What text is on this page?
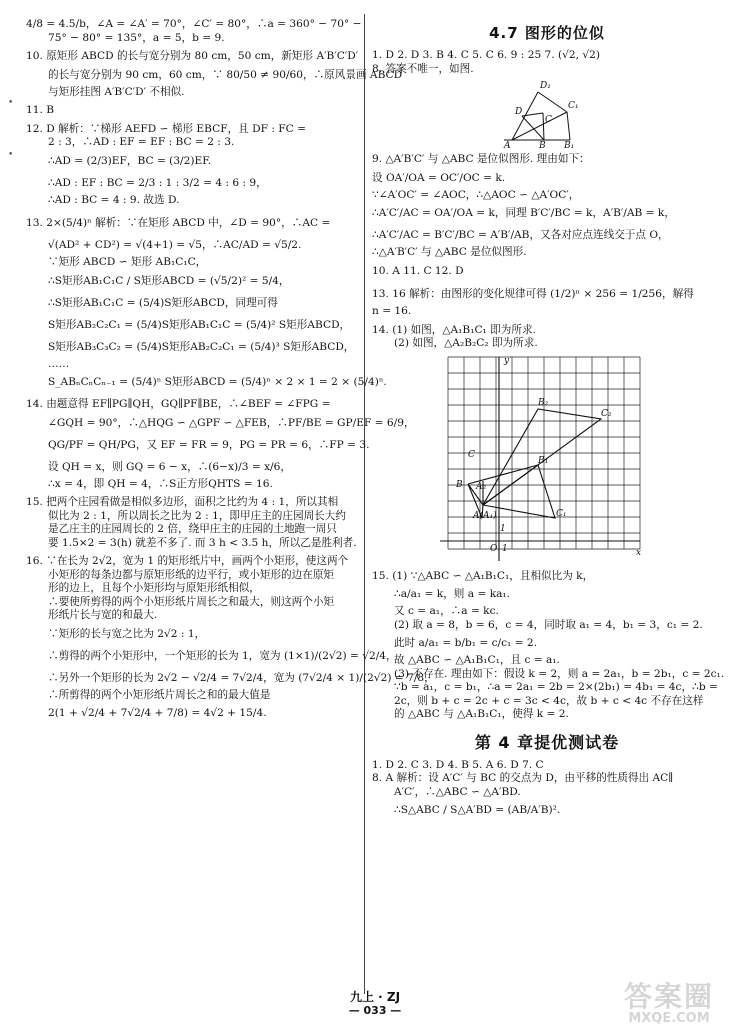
•
•

4/8 = 4.5/b，∠A = ∠A′ = 70°，∠C′ = 80°，∴a = 360° − 70° −

75° − 80° = 135°，a = 5，b = 9.

10. 原矩形 ABCD 的长与宽分别为 80 cm，50 cm，新矩形 A′B′C′D′

的长与宽分别为 90 cm，60 cm，∵ 80/50 ≠ 90/60，∴原风景画 ABCD

与矩形挂图 A′B′C′D′ 不相似.

11. B

12. D 解析：∵梯形 AEFD ∽ 梯形 EBCF，且 DF : FC =

2 : 3，∴AD : EF = EF : BC = 2 : 3.

∴AD = (2/3)EF，BC = (3/2)EF.

∴AD : EF : BC = 2/3 : 1 : 3/2 = 4 : 6 : 9，

∴AD : BC = 4 : 9. 故选 D.

13. 2×(5/4)ⁿ 解析：∵在矩形 ABCD 中，∠D = 90°，∴AC =

√(AD² + CD²) = √(4+1) = √5，∴AC/AD = √5/2.

∵矩形 ABCD ∽ 矩形 AB₁C₁C，

∴S矩形AB₁C₁C / S矩形ABCD = (√5/2)² = 5/4，

∴S矩形AB₁C₁C = (5/4)S矩形ABCD，同理可得

S矩形AB₂C₂C₁ = (5/4)S矩形AB₁C₁C = (5/4)² S矩形ABCD，

S矩形AB₃C₃C₂ = (5/4)S矩形AB₂C₂C₁ = (5/4)³ S矩形ABCD，

……

S_ABₙCₙCₙ₋₁ = (5/4)ⁿ S矩形ABCD = (5/4)ⁿ × 2 × 1 = 2 × (5/4)ⁿ.

14. 由题意得 EF∥PG∥QH，GQ∥PF∥BE，∴∠BEF = ∠FPG =

∠GQH = 90°，∴△HQG ∽ △GPF ∽ △FEB，∴PF/BE = GP/EF = 6/9，

QG/PF = QH/PG，又 EF = FR = 9，PG = PR = 6，∴FP = 3.

设 QH = x，则 GQ = 6 − x，∴(6−x)/3 = x/6，

∴x = 4，即 QH = 4，∴S正方形QHTS = 16.

15. 把两个庄园看做是相似多边形，面积之比约为 4 : 1，所以其相

似比为 2 : 1，所以周长之比为 2 : 1，即甲庄主的庄园周长大约

是乙庄主的庄园周长的 2 倍，绕甲庄主的庄园的土地跑一周只

要 1.5×2 = 3(h) 就差不多了. 而 3 h < 3.5 h，所以乙是胜利者.

16. ∵在长为 2√2，宽为 1 的矩形纸片中，画两个小矩形，使这两个

小矩形的每条边都与原矩形纸的边平行，或小矩形的边在原矩

形的边上，且每个小矩形均与原矩形纸相似，

∴要使所剪得的两个小矩形纸片周长之和最大，则这两个小矩

形纸片长与宽的和最大.

∵矩形的长与宽之比为 2√2 : 1，

∴剪得的两个小矩形中，一个矩形的长为 1，宽为 (1×1)/(2√2) = √2/4，

∴另外一个矩形的长为 2√2 − √2/4 = 7√2/4，宽为 (7√2/4 × 1)/(2√2) = 7/8，

∴所剪得的两个小矩形纸片周长之和的最大值是

2(1 + √2/4 + 7√2/4 + 7/8) = 4√2 + 15/4.

4.7 图形的位似

1. D 2. D 3. B 4. C 5. C 6. 9 : 25 7. (√2, √2)

8. 答案不唯一，如图.

D₁
D
C₁
C
A	B B₁

9. △A′B′C′ 与 △ABC 是位似图形. 理由如下：

设 OA′/OA = OC′/OC = k.

∵∠A′OC′ = ∠AOC，∴△AOC ∽ △A′OC′，

∴A′C′/AC = OA′/OA = k，同理 B′C′/BC = k，A′B′/AB = k，

∴A′C′/AC = B′C′/BC = A′B′/AB，又各对应点连线交于点 O，

∴△A′B′C′ 与 △ABC 是位似图形.

10. A 11. C 12. D

13. 16 解析：由图形的变化规律可得 (1/2)ⁿ × 256 = 1/256，解得

n = 16.

14. (1) 如图，△A₁B₁C₁ 即为所求.

(2) 如图，△A₂B₂C₂ 即为所求.

y
x
O 1
1
B₂
C₂
C
B₁
B A₂
C₁
A(A₁)

15. (1) ∵△ABC ∽ △A₁B₁C₁，且相似比为 k，

∴a/a₁ = k，则 a = ka₁.

又 c = a₁，∴a = kc.

(2) 取 a = 8，b = 6，c = 4，同时取 a₁ = 4，b₁ = 3，c₁ = 2.

此时 a/a₁ = b/b₁ = c/c₁ = 2.

故 △ABC ∽ △A₁B₁C₁，且 c = a₁.

(3) 不存在. 理由如下：假设 k = 2，则 a = 2a₁，b = 2b₁，c = 2c₁.

∵b = a₁，c = b₁，∴a = 2a₁ = 2b = 2×(2b₁) = 4b₁ = 4c，∴b =

2c，则 b + c = 2c + c = 3c < 4c，故 b + c < 4c 不存在这样

的 △ABC 与 △A₁B₁C₁，使得 k = 2.

第 4 章提优测试卷

1. D 2. C 3. D 4. B 5. A 6. D 7. C

8. A 解析：设 A′C′ 与 BC 的交点为 D，由平移的性质得出 AC∥

A′C′，∴△ABC ∽ △A′BD.

∴S△ABC / S△A′BD = (AB/A′B)².

九上 · ZJ
— 033 —	答案圈
MXQE.COM
